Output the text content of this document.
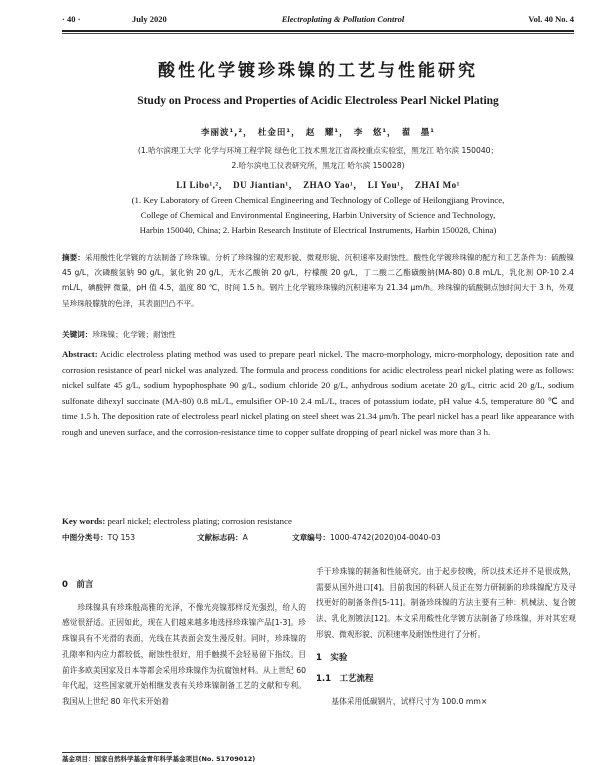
· 40 ·	July 2020	Electroplating & Pollution Control	Vol. 40 No. 4
酸性化学镀珍珠镍的工艺与性能研究
Study on Process and Properties of Acidic Electroless Pearl Nickel Plating
李丽波¹,²，　杜金田¹，　赵　耀¹，　李　悠¹，　翟　墨¹
(1.哈尔滨理工大学 化学与环境工程学院 绿色化工技术黑龙江省高校重点实验室，黑龙江 哈尔滨 150040；
2.哈尔滨电工仪表研究所，黑龙江 哈尔滨 150028)
LI Libo¹,²，　DU Jiantian¹，　ZHAO Yao¹，　LI You¹，　ZHAI Mo¹
(1. Key Laboratory of Green Chemical Engineering and Technology of College of Heilongjiang Province,
College of Chemical and Environmental Engineering, Harbin University of Science and Technology,
Harbin 150040, China; 2. Harbin Research Institute of Electrical Instruments, Harbin 150028, China)
摘要：采用酸性化学镀的方法制备了珍珠镍。分析了珍珠镍的宏观形貌、微观形貌、沉积速率及耐蚀性。酸性化学镀珍珠镍的配方和工艺条件为：硫酸镍 45 g/L，次磷酸氢钠 90 g/L，氯化钠 20 g/L，无水乙酸钠 20 g/L，柠檬酸 20 g/L，丁二酸二乙酯磺酸钠(MA-80) 0.8 mL/L，乳化剂 OP-10 2.4 mL/L，碘酸钾 微量，pH 值 4.5，温度 80 ℃，时间 1.5 h。钢片上化学镀珍珠镍的沉积速率为 21.34 μm/h。珍珠镍的硫酸铜点蚀时间大于 3 h，外观呈珍珠般朦胧的色泽，其表面凹凸不平。
关键词：珍珠镍；化学镀；耐蚀性
Abstract: Acidic electroless plating method was used to prepare pearl nickel. The macro-morphology, micro-morphology, deposition rate and corrosion resistance of pearl nickel was analyzed. The formula and process conditions for acidic electroless pearl nickel plating were as follows: nickel sulfate 45 g/L, sodium hypophosphate 90 g/L, sodium chloride 20 g/L, anhydrous sodium acetate 20 g/L, citric acid 20 g/L, sodium sulfonate dihexyl succinate (MA-80) 0.8 mL/L, emulsifier OP-10 2.4 mL/L, traces of potassium iodate, pH value 4.5, temperature 80 ℃ and time 1.5 h. The deposition rate of electroless pearl nickel plating on steel sheet was 21.34 μm/h. The pearl nickel has a pearl like appearance with rough and uneven surface, and the corrosion-resistance time to copper sulfate dropping of pearl nickel was more than 3 h.
Key words: pearl nickel; electroless plating; corrosion resistance
中图分类号：TQ 153	文献标志码：A	文章编号：1000-4742(2020)04-0040-03
0　前言

珍珠镍具有珍珠般高雅的光泽，不像光亮镍那样反光强烈，给人的感觉很舒适。正因如此，现在人们越来越多地选择珍珠镍产品[1-3]。珍珠镍具有不光滑的表面，光线在其表面会发生漫反射。同时，珍珠镍的孔隙率和内应力都较低，耐蚀性很好，用手触摸不会轻易留下指纹。目前许多欧美国家及日本等都会采用珍珠镍作为抗腐蚀材料。从上世纪 60 年代起，这些国家就开始相继发表有关珍珠镍制备工艺的文献和专利。我国从上世纪 80 年代末开始着

手于珍珠镍的制备和性能研究。由于起步较晚，所以技术还并不是很成熟，需要从国外进口[4]。目前我国的科研人员正在努力研制新的珍珠镍配方及寻找更好的制备条件[5-11]。制备珍珠镍的方法主要有三种：机械法、复合镀法、乳化剂镀法[12]。本文采用酸性化学镀方法制备了珍珠镍，并对其宏观形貌、微观形貌、沉积速率及耐蚀性进行了分析。

1　实验
1.1　工艺流程

基体采用低碳钢片，试样尺寸为 100.0 mm×

基金项目：国家自然科学基金青年科学基金项目(No. 51709012)
